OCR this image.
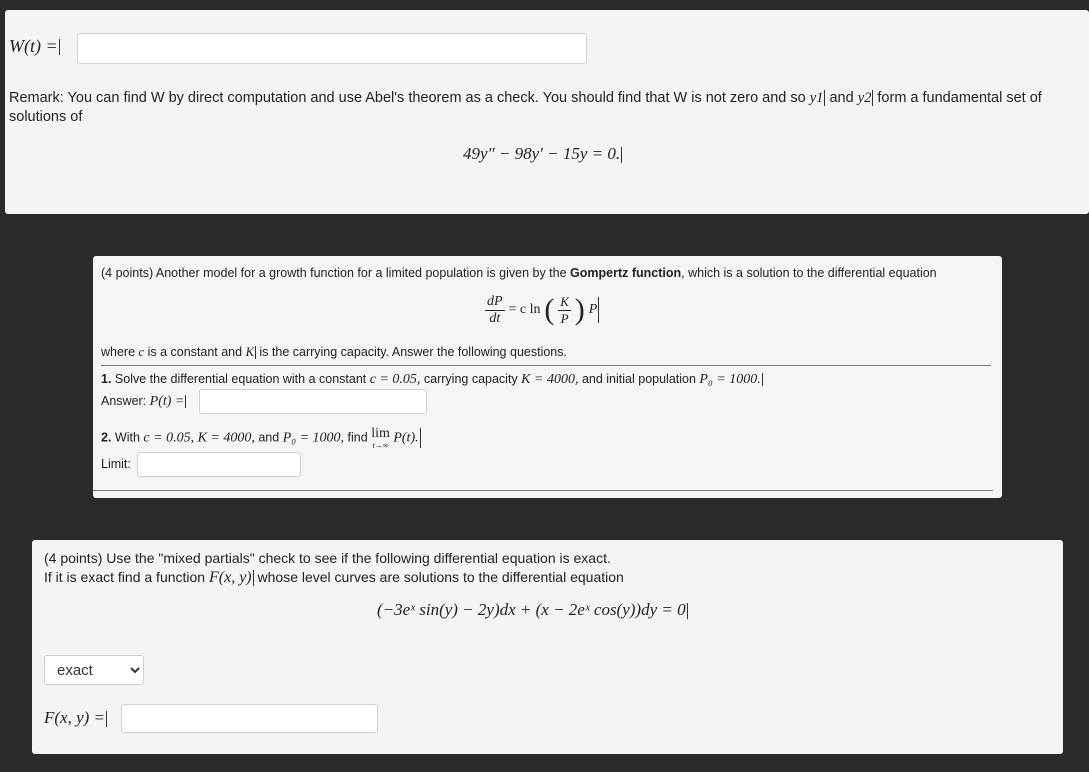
W(t) =
Remark: You can find W by direct computation and use Abel's theorem as a check. You should find that W is not zero and so y1 and y2 form a fundamental set of
solutions of
49y″ − 98y′ − 15y = 0.
(4 points) Another model for a growth function for a limited population is given by the Gompertz function, which is a solution to the differential equation
$\frac{dP}{dt} = c$ ln ( $\frac{K}{P}$ ) P
where c is a constant and K is the carrying capacity. Answer the following questions.
1. Solve the differential equation with a constant c = 0.05, carrying capacity K = 4000, and initial population P₀ = 1000.
Answer: P(t) =
2. With c = 0.05, K = 4000, and P₀ = 1000, find lim
t→∞
P(t).
Limit:
(4 points) Use the "mixed partials" check to see if the following differential equation is exact.
If it is exact find a function F(x, y) whose level curves are solutions to the differential equation
(−3eˣ sin(y) − 2y)dx + (x − 2eˣ cos(y))dy = 0
exact
F(x, y) =
